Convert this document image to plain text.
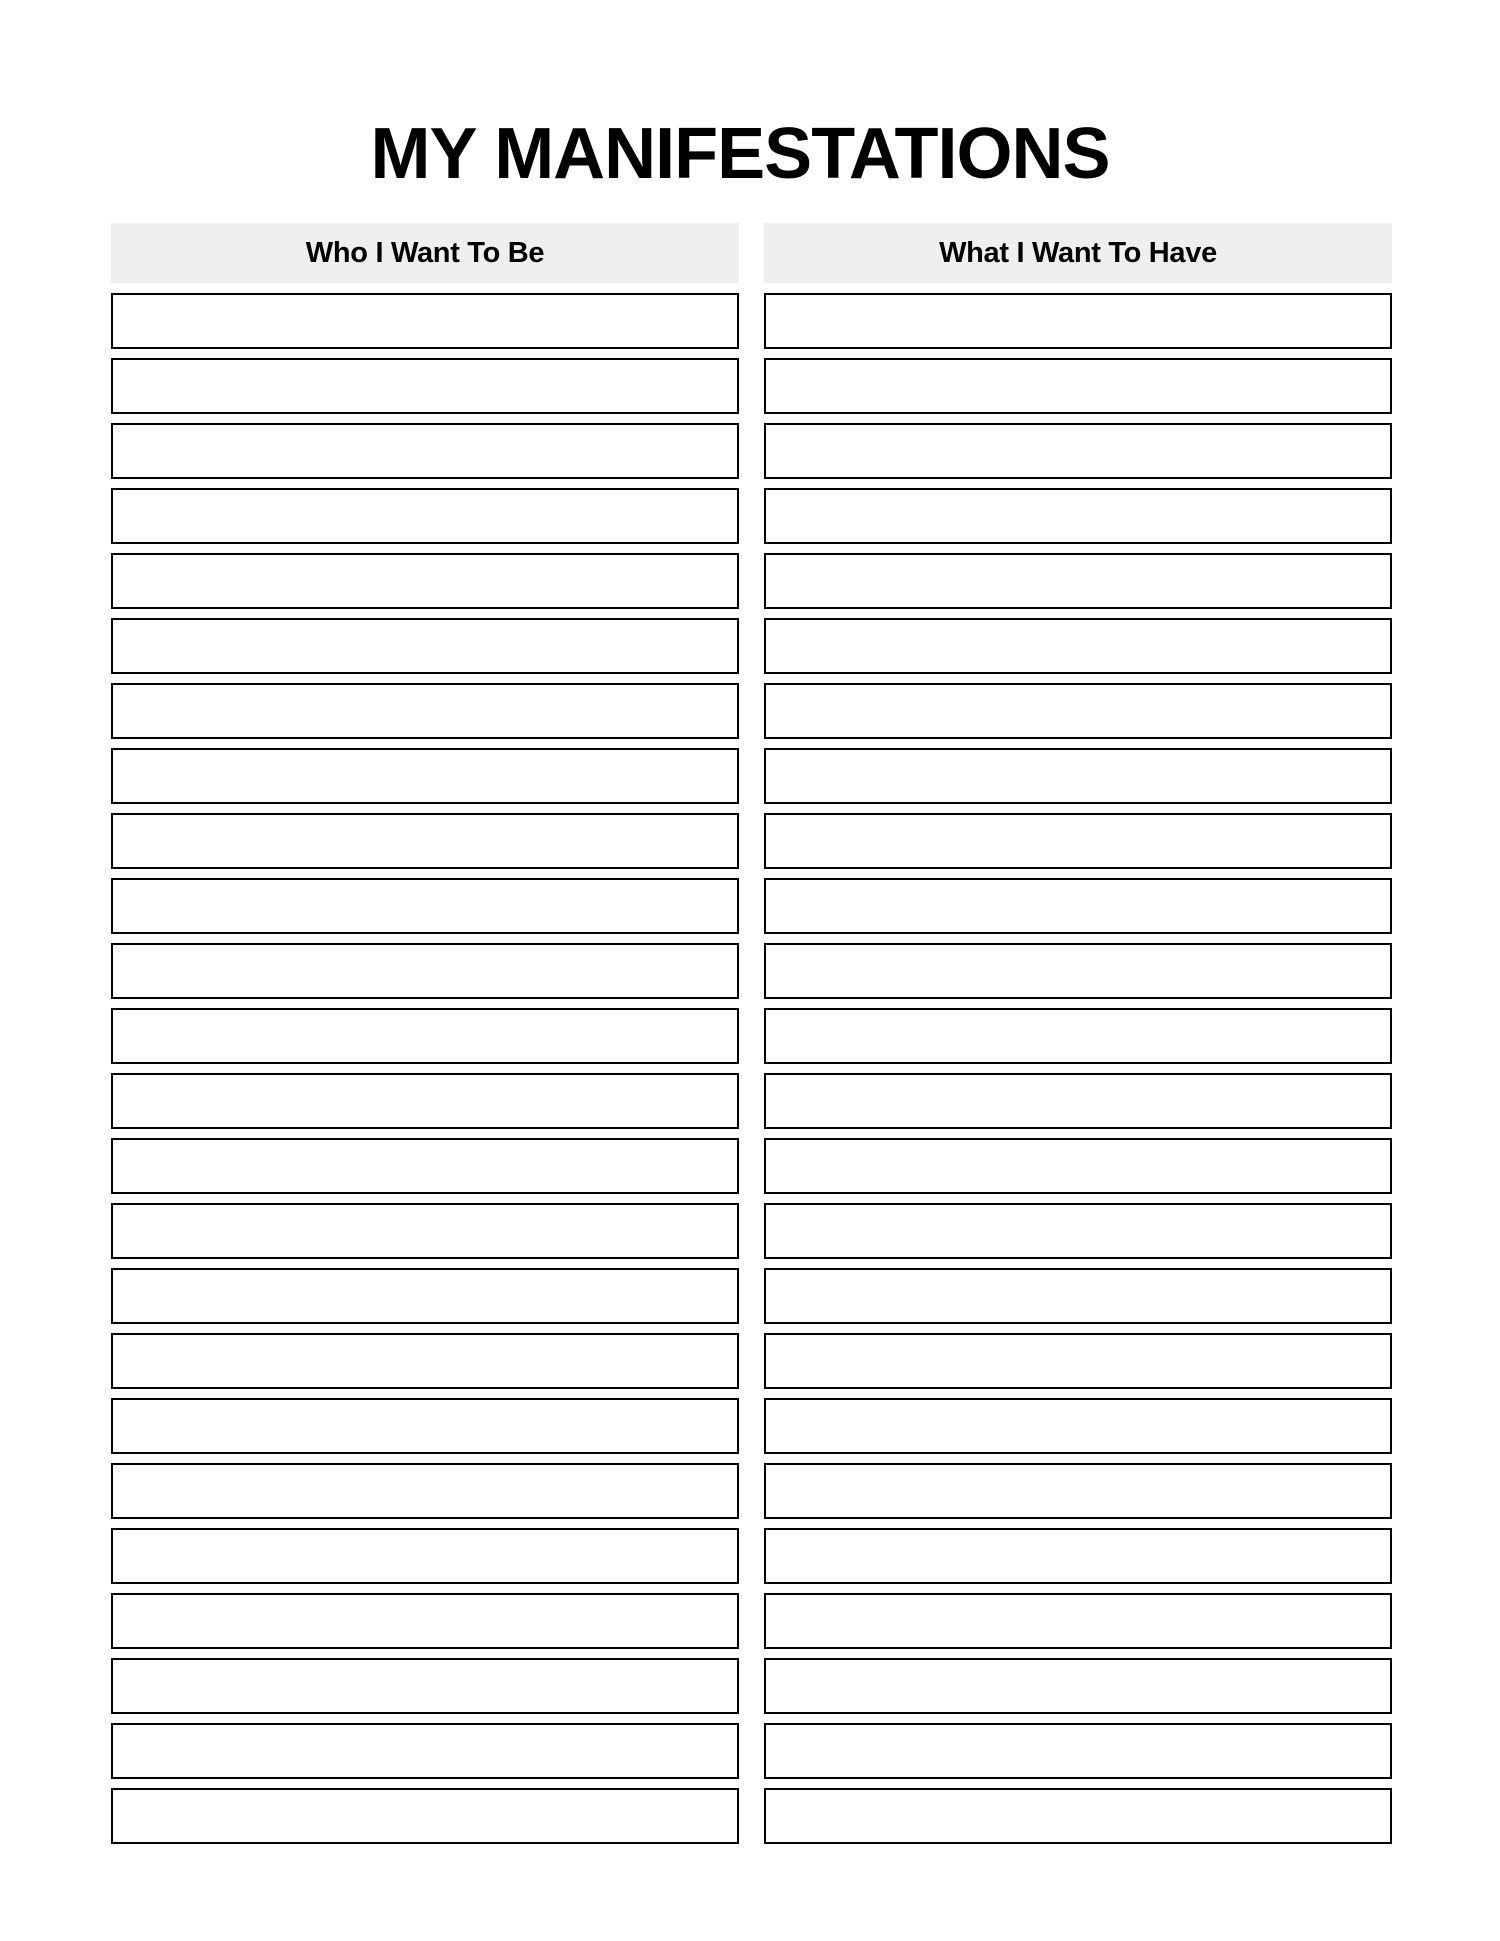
MY MANIFESTATIONS
Who I Want To Be	What I Want To Have
